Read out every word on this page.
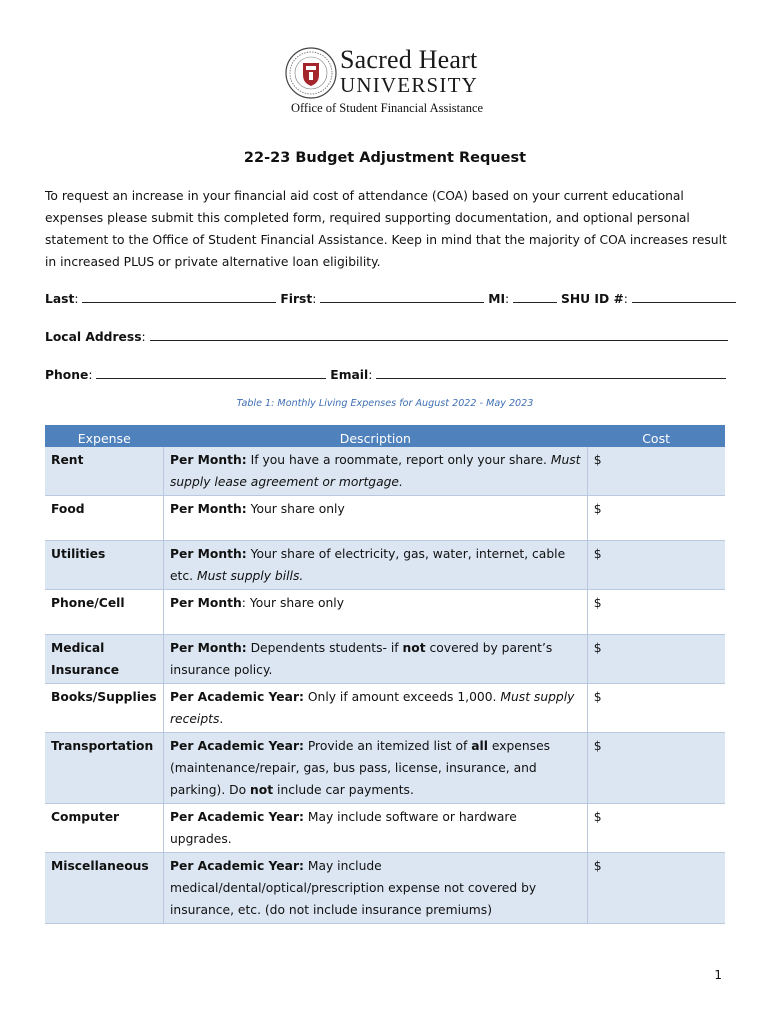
Sacred Heart
UNIVERSITY
Office of Student Financial Assistance
22-23 Budget Adjustment Request
To request an increase in your financial aid cost of attendance (COA) based on your current educational expenses please submit this completed form, required supporting documentation, and optional personal statement to the Office of Student Financial Assistance. Keep in mind that the majority of COA increases result in increased PLUS or private alternative loan eligibility.
Last:	First:	MI:	SHU ID #:
Local Address:
Phone:	Email:
Table 1: Monthly Living Expenses for August 2022 - May 2023
Expense	Description	Cost
Rent	Per Month: If you have a roommate, report only your share. Must supply lease agreement or mortgage.	$
Food	Per Month: Your share only	$
Utilities	Per Month: Your share of electricity, gas, water, internet, cable etc. Must supply bills.	$
Phone/Cell	Per Month: Your share only	$
Medical Insurance	Per Month: Dependents students- if not covered by parent’s insurance policy.	$
Books/Supplies	Per Academic Year: Only if amount exceeds 1,000. Must supply receipts.	$
Transportation	Per Academic Year: Provide an itemized list of all expenses (maintenance/repair, gas, bus pass, license, insurance, and parking). Do not include car payments.	$
Computer	Per Academic Year: May include software or hardware upgrades.	$
Miscellaneous	Per Academic Year: May include medical/dental/optical/prescription expense not covered by insurance, etc. (do not include insurance premiums)	$
1
